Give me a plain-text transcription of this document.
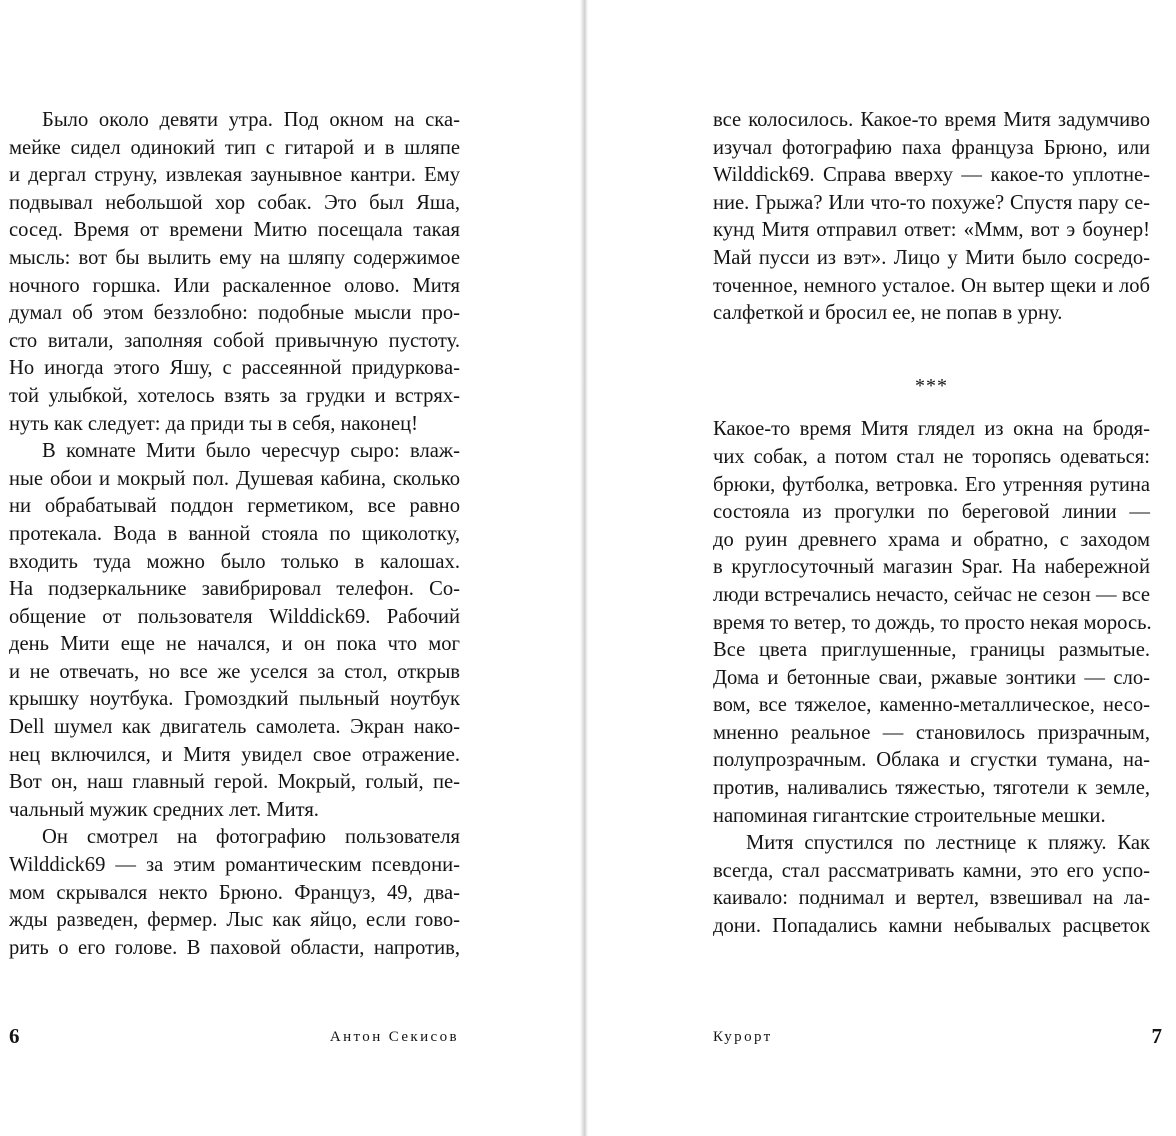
Было около девяти утра. Под окном на ска-
мейке сидел одинокий тип с гитарой и в шляпе
и дергал струну, извлекая заунывное кантри. Ему
подвывал небольшой хор собак. Это был Яша,
сосед. Время от времени Митю посещала такая
мысль: вот бы вылить ему на шляпу содержимое
ночного горшка. Или раскаленное олово. Митя
думал об этом беззлобно: подобные мысли про-
сто витали, заполняя собой привычную пустоту.
Но иногда этого Яшу, с рассеянной придурковa-
той улыбкой, хотелось взять за грудки и встрях-
нуть как следует: да приди ты в себя, наконец!
В комнате Мити было чересчур сыро: влаж-
ные обои и мокрый пол. Душевая кабина, сколько
ни обрабатывай поддон герметиком, все равно
протекала. Вода в ванной стояла по щиколотку,
входить туда можно было только в калошах.
На подзеркальнике завибрировал телефон. Со-
общение от пользователя Wilddick69. Рабочий
день Мити еще не начался, и он пока что мог
и не отвечать, но все же уселся за стол, открыв
крышку ноутбука. Громоздкий пыльный ноутбук
Dell шумел как двигатель самолета. Экран нако-
нец включился, и Митя увидел свое отражение.
Вот он, наш главный герой. Мокрый, голый, пе-
чальный мужик средних лет. Митя.
Он смотрел на фотографию пользователя
Wilddick69 — за этим романтическим псевдони-
мом скрывался некто Брюно. Француз, 49, два-
жды разведен, фермер. Лыс как яйцо, если гово-
рить о его голове. В паховой области, напротив,
6	Антон Секисов
все колосилось. Какое-то время Митя задумчиво
изучал фотографию паха француза Брюно, или
Wilddick69. Справа вверху — какое-то уплотне-
ние. Грыжа? Или что-то похуже? Спустя пару се-
кунд Митя отправил ответ: «Ммм, вот э боунер!
Май пусси из вэт». Лицо у Мити было сосредо-
точенное, немного усталое. Он вытер щеки и лоб
салфеткой и бросил ее, не попав в урну.
***
Какое-то время Митя глядел из окна на бродя-
чих собак, а потом стал не торопясь одеваться:
брюки, футболка, ветровка. Его утренняя рутина
состояла из прогулки по береговой линии —
до руин древнего храма и обратно, с заходом
в круглосуточный магазин Spar. На набережной
люди встречались нечасто, сейчас не сезон — все
время то ветер, то дождь, то просто некая морось.
Все цвета приглушенные, границы размытые.
Дома и бетонные сваи, ржавые зонтики — сло-
вом, все тяжелое, каменно-металлическое, несо-
мненно реальное — становилось призрачным,
полупрозрачным. Облака и сгустки тумана, на-
против, наливались тяжестью, тяготели к земле,
напоминая гигантские строительные мешки.
Митя спустился по лестнице к пляжу. Как
всегда, стал рассматривать камни, это его успо-
каивало: поднимал и вертел, взвешивал на ла-
дони. Попадались камни небывалых расцветок
Курорт	7
